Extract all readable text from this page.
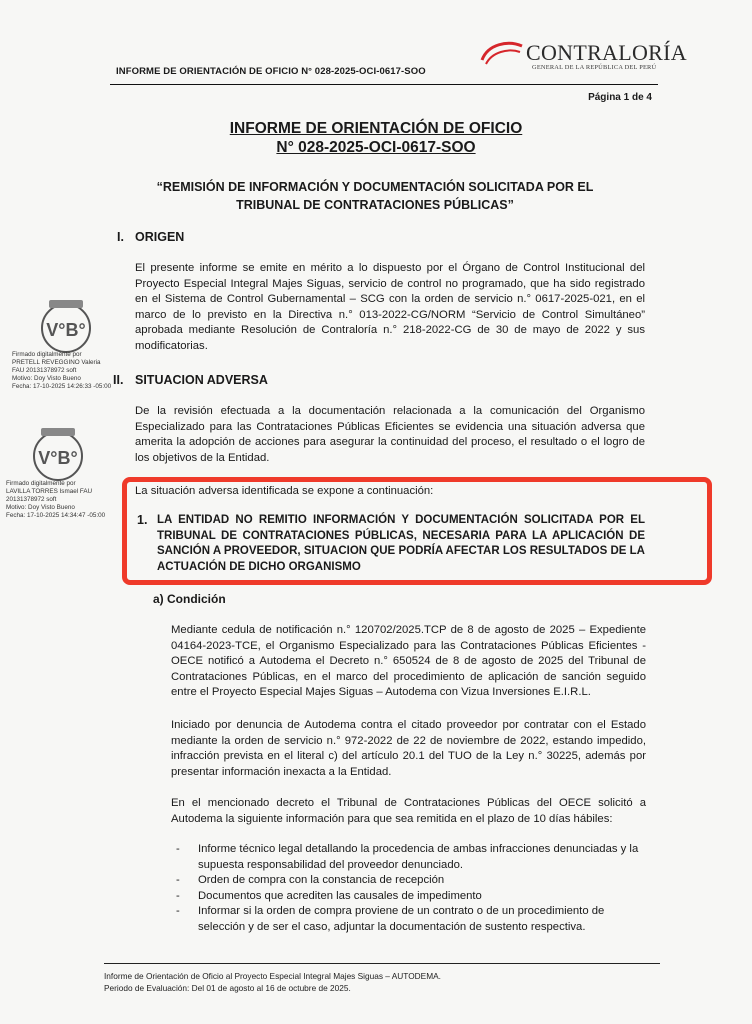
INFORME DE ORIENTACIÓN DE OFICIO N° 028-2025-OCI-0617-SOO
CONTRALORÍA
GENERAL DE LA REPÚBLICA DEL PERÚ
Página 1 de 4
INFORME DE ORIENTACIÓN DE OFICIO
N° 028-2025-OCI-0617-SOO
“REMISIÓN DE INFORMACIÓN Y DOCUMENTACIÓN SOLICITADA POR EL TRIBUNAL DE CONTRATACIONES PÚBLICAS”
I. ORIGEN
El presente informe se emite en mérito a lo dispuesto por el Órgano de Control Institucional del Proyecto Especial Integral Majes Siguas, servicio de control no programado, que ha sido registrado en el Sistema de Control Gubernamental – SCG con la orden de servicio n.° 0617-2025-021, en el marco de lo previsto en la Directiva n.° 013-2022-CG/NORM “Servicio de Control Simultáneo” aprobada mediante Resolución de Contraloría n.° 218-2022-CG de 30 de mayo de 2022 y sus modificatorias.
II. SITUACION ADVERSA
De la revisión efectuada a la documentación relacionada a la comunicación del Organismo Especializado para las Contrataciones Públicas Eficientes se evidencia una situación adversa que amerita la adopción de acciones para asegurar la continuidad del proceso, el resultado o el logro de los objetivos de la Entidad.
La situación adversa identificada se expone a continuación:
1. LA ENTIDAD NO REMITIO INFORMACIÓN Y DOCUMENTACIÓN SOLICITADA POR EL TRIBUNAL DE CONTRATACIONES PÚBLICAS, NECESARIA PARA LA APLICACIÓN DE SANCIÓN A PROVEEDOR, SITUACION QUE PODRÍA AFECTAR LOS RESULTADOS DE LA ACTUACIÓN DE DICHO ORGANISMO
a) Condición
Mediante cedula de notificación n.° 120702/2025.TCP de 8 de agosto de 2025 – Expediente 04164-2023-TCE, el Organismo Especializado para las Contrataciones Públicas Eficientes - OECE notificó a Autodema el Decreto n.° 650524 de 8 de agosto de 2025 del Tribunal de Contrataciones Públicas, en el marco del procedimiento de aplicación de sanción seguido entre el Proyecto Especial Majes Siguas – Autodema con Vizua Inversiones E.I.R.L.
Iniciado por denuncia de Autodema contra el citado proveedor por contratar con el Estado mediante la orden de servicio n.° 972-2022 de 22 de noviembre de 2022, estando impedido, infracción prevista en el literal c) del artículo 20.1 del TUO de la Ley n.° 30225, además por presentar información inexacta a la Entidad.
En el mencionado decreto el Tribunal de Contrataciones Públicas del OECE solicitó a Autodema la siguiente información para que sea remitida en el plazo de 10 días hábiles:
- Informe técnico legal detallando la procedencia de ambas infracciones denunciadas y la supuesta responsabilidad del proveedor denunciado.
- Orden de compra con la constancia de recepción
- Documentos que acrediten las causales de impedimento
- Informar si la orden de compra proviene de un contrato o de un procedimiento de selección y de ser el caso, adjuntar la documentación de sustento respectiva.
V°B°
Firmado digitalmente por
PRETELL REVEGGINO Valeria
FAU 20131378972 soft
Motivo: Doy Visto Bueno
Fecha: 17-10-2025 14:26:33 -05:00
V°B°
Firmado digitalmente por
LAVILLA TORRES Ismael FAU
20131378972 soft
Motivo: Doy Visto Bueno
Fecha: 17-10-2025 14:34:47 -05:00
Informe de Orientación de Oficio al Proyecto Especial Integral Majes Siguas – AUTODEMA.
Periodo de Evaluación: Del 01 de agosto al 16 de octubre de 2025.
